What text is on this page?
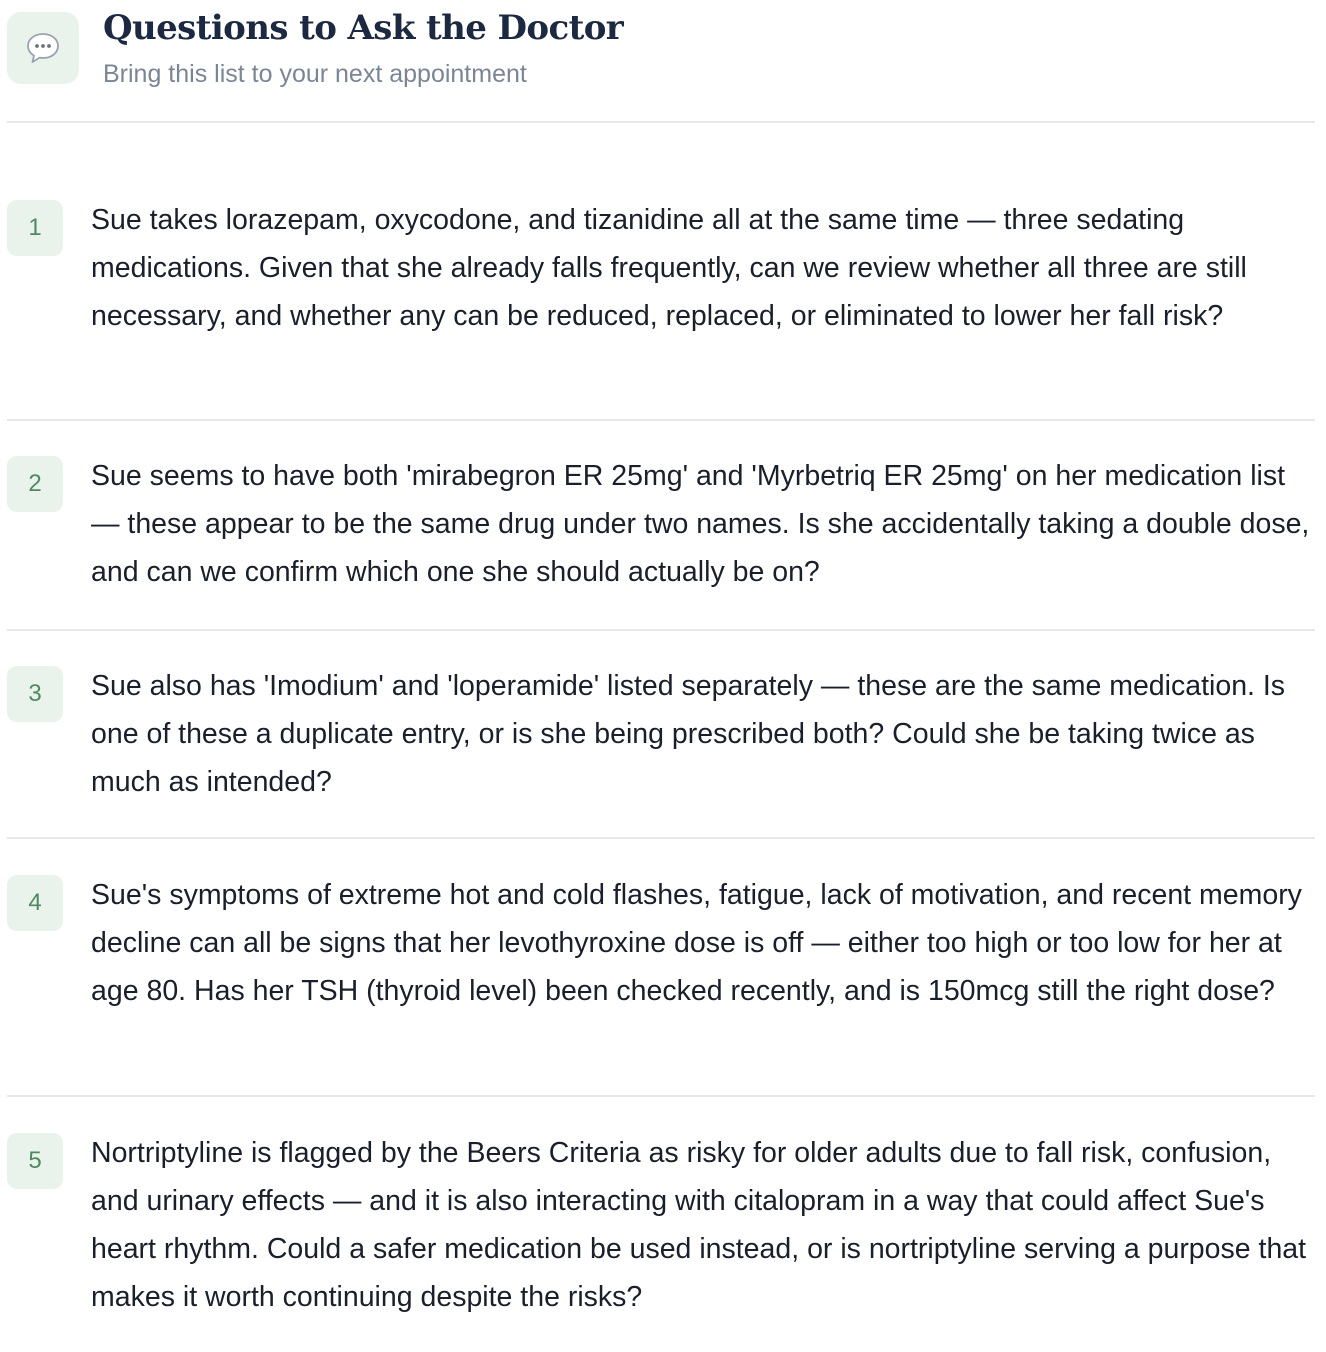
Questions to Ask the Doctor
Bring this list to your next appointment
1	Sue takes lorazepam, oxycodone, and tizanidine all at the same time — three sedating medications. Given that she already falls frequently, can we review whether all three are still necessary, and whether any can be reduced, replaced, or eliminated to lower her fall risk?

2	Sue seems to have both 'mirabegron ER 25mg' and 'Myrbetriq ER 25mg' on her medication list — these appear to be the same drug under two names. Is she accidentally taking a double dose, and can we confirm which one she should actually be on?

3	Sue also has 'Imodium' and 'loperamide' listed separately — these are the same medication. Is one of these a duplicate entry, or is she being prescribed both? Could she be taking twice as much as intended?

4	Sue's symptoms of extreme hot and cold flashes, fatigue, lack of motivation, and recent memory decline can all be signs that her levothyroxine dose is off — either too high or too low for her at age 80. Has her TSH (thyroid level) been checked recently, and is 150mcg still the right dose?

5	Nortriptyline is flagged by the Beers Criteria as risky for older adults due to fall risk, confusion, and urinary effects — and it is also interacting with citalopram in a way that could affect Sue's heart rhythm. Could a safer medication be used instead, or is nortriptyline serving a purpose that makes it worth continuing despite the risks?
